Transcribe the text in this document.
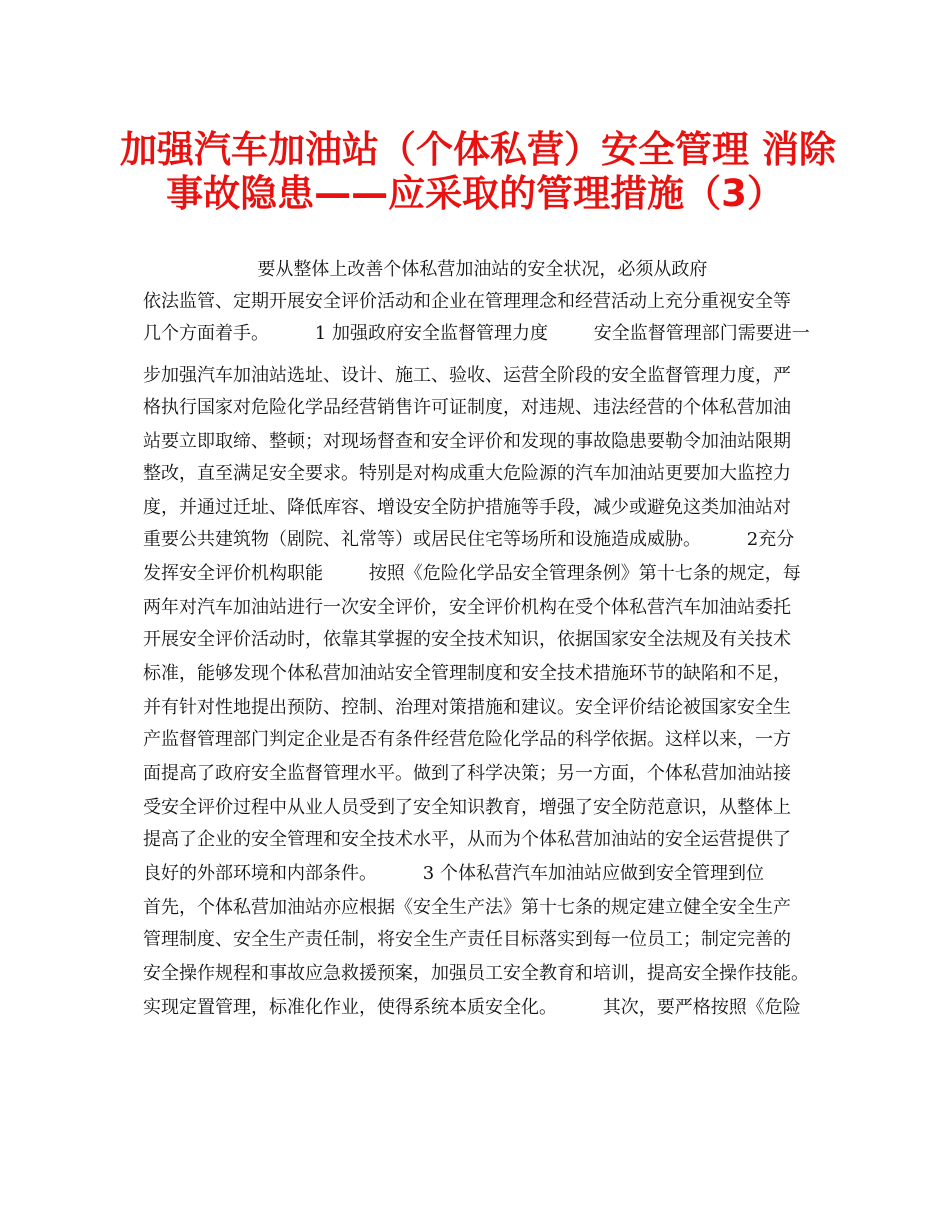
加强汽车加油站（个体私营）安全管理 消除
事故隐患——应采取的管理措施（3）
要从整体上改善个体私营加油站的安全状况，必须从政府
依法监管、定期开展安全评价活动和企业在管理理念和经营活动上充分重视安全等
几个方面着手。        1 加强政府安全监督管理力度        安全监督管理部门需要进一
步加强汽车加油站选址、设计、施工、验收、运营全阶段的安全监督管理力度，严
格执行国家对危险化学品经营销售许可证制度，对违规、违法经营的个体私营加油
站要立即取缔、整顿；对现场督查和安全评价和发现的事故隐患要勒令加油站限期
整改，直至满足安全要求。特别是对构成重大危险源的汽车加油站更要加大监控力
度，并通过迁址、降低库容、增设安全防护措施等手段，减少或避免这类加油站对
重要公共建筑物（剧院、礼常等）或居民住宅等场所和设施造成威胁。        2充分
发挥安全评价机构职能        按照《危险化学品安全管理条例》第十七条的规定，每
两年对汽车加油站进行一次安全评价，安全评价机构在受个体私营汽车加油站委托
开展安全评价活动时，依靠其掌握的安全技术知识，依据国家安全法规及有关技术
标准，能够发现个体私营加油站安全管理制度和安全技术措施环节的缺陷和不足，
并有针对性地提出预防、控制、治理对策措施和建议。安全评价结论被国家安全生
产监督管理部门判定企业是否有条件经营危险化学品的科学依据。这样以来，一方
面提高了政府安全监督管理水平。做到了科学决策；另一方面，个体私营加油站接
受安全评价过程中从业人员受到了安全知识教育，增强了安全防范意识，从整体上
提高了企业的安全管理和安全技术水平，从而为个体私营加油站的安全运营提供了
良好的外部环境和内部条件。        3 个体私营汽车加油站应做到安全管理到位
首先，个体私营加油站亦应根据《安全生产法》第十七条的规定建立健全安全生产
管理制度、安全生产责任制，将安全生产责任目标落实到每一位员工；制定完善的
安全操作规程和事故应急救援预案，加强员工安全教育和培训，提高安全操作技能。
实现定置管理，标准化作业，使得系统本质安全化。        其次，要严格按照《危险
